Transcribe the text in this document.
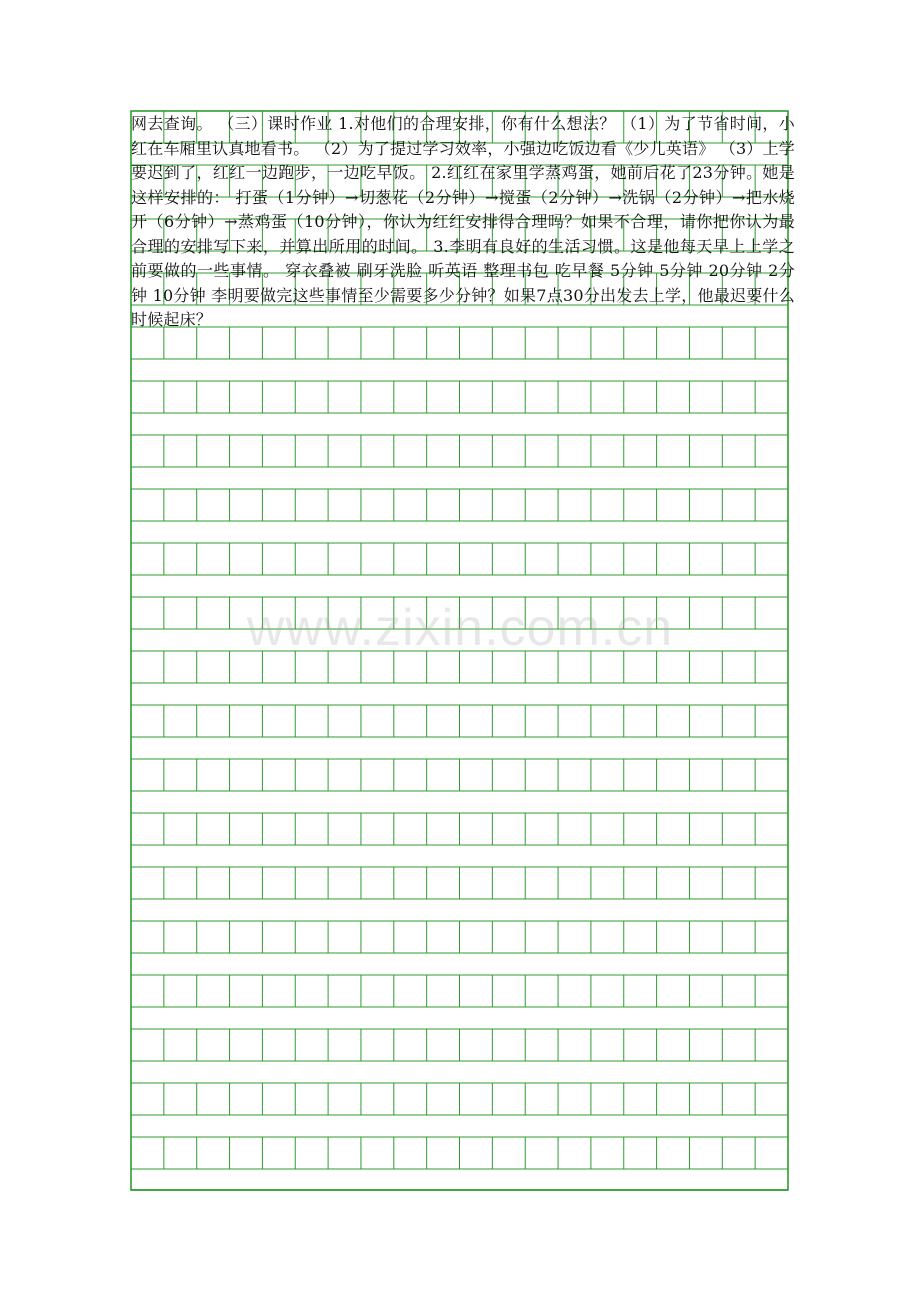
网去查询。 （三）课时作业 1.对他们的合理安排，你有什么想法？ （1）为了节省时间，小红在车厢里认真地看书。 （2）为了提过学习效率，小强边吃饭边看《少儿英语》 （3）上学要迟到了，红红一边跑步，一边吃早饭。 2.红红在家里学蒸鸡蛋，她前后花了23分钟。她是这样安排的： 打蛋（1分钟）→切葱花（2分钟）→搅蛋（2分钟）→洗锅（2分钟）→把水烧开（6分钟）→蒸鸡蛋（10分钟），你认为红红安排得合理吗？如果不合理，请你把你认为最合理的安排写下来，并算出所用的时间。 3.李明有良好的生活习惯。这是他每天早上上学之前要做的一些事情。 穿衣叠被 刷牙洗脸 听英语 整理书包 吃早餐 5分钟 5分钟 20分钟 2分钟 10分钟 李明要做完这些事情至少需要多少分钟？如果7点30分出发去上学，他最迟要什么时候起床？
www.zixin.com.cn
